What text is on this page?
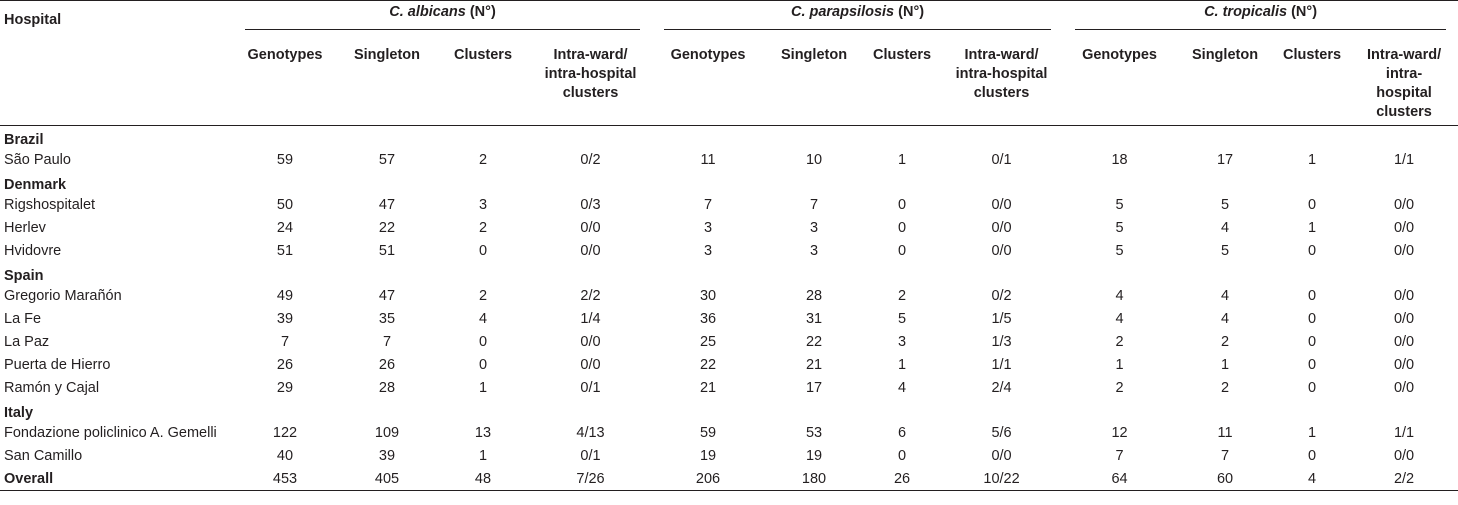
Hospital	C. albicans (N°)				C. parapsilosis (N°)				C. tropicalis (N°)			

	Genotypes	Singleton	Clusters	Intra-ward/ intra-hospital clusters	Genotypes	Singleton	Clusters	Intra-ward/ intra-hospital clusters	Genotypes	Singleton	Clusters	Intra-ward/ intra-hospital clusters

Brazil												
São Paulo	59	57	2	0/2	11	10	1	0/1	18	17	1	1/1
Denmark												
Rigshospitalet	50	47	3	0/3	7	7	0	0/0	5	5	0	0/0
Herlev	24	22	2	0/0	3	3	0	0/0	5	4	1	0/0
Hvidovre	51	51	0	0/0	3	3	0	0/0	5	5	0	0/0
Spain												
Gregorio Marañón	49	47	2	2/2	30	28	2	0/2	4	4	0	0/0
La Fe	39	35	4	1/4	36	31	5	1/5	4	4	0	0/0
La Paz	7	7	0	0/0	25	22	3	1/3	2	2	0	0/0
Puerta de Hierro	26	26	0	0/0	22	21	1	1/1	1	1	0	0/0
Ramón y Cajal	29	28	1	0/1	21	17	4	2/4	2	2	0	0/0
Italy												
Fondazione policlinico A. Gemelli	122	109	13	4/13	59	53	6	5/6	12	11	1	1/1
San Camillo	40	39	1	0/1	19	19	0	0/0	7	7	0	0/0
Overall	453	405	48	7/26	206	180	26	10/22	64	60	4	2/2
